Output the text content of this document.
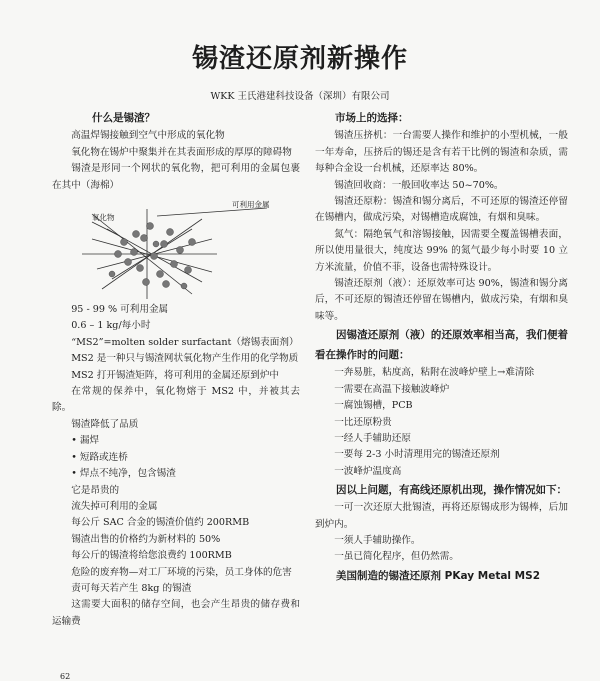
锡渣还原剂新操作
WKK 王氏港建科技设备（深圳）有限公司

什么是锡渣？

高温焊锡接触到空气中形成的氧化物

氧化物在锡炉中聚集并在其表面形成的厚厚的障碍物

锡渣是形同一个网状的氧化物，把可利用的金属包裹在其中（海棉）

氧化物
可利用金属

95 - 99 % 可利用金属

0.6 – 1 kg/每小时

“MS2”=molten solder surfactant（熔锡表面剂）

MS2 是一种只与锡渣网状氧化物产生作用的化学物质

MS2 打开锡渣矩阵，将可利用的金属还原到炉中

在常规的保养中，氧化物熔于 MS2 中，并被其去除。

锡渣降低了品质

• 漏焊

• 短路或连桥

• 焊点不纯净，包含锡渣

它是昂贵的

流失掉可利用的金属

每公斤 SAC 合金的锡渣价值约 200RMB

锡渣出售的价格约为新材料的 50%

每公斤的锡渣将给您浪费约 100RMB

危险的废弃物—对工厂环境的污染，员工身体的危害

责可每天若产生 8kg 的锡渣

这需要大面积的储存空间，也会产生昂贵的储存费和运输费

市场上的选择：

锡渣压挤机：一台需要人操作和维护的小型机械，一般一年寿命，压挤后的锡还是含有若干比例的锡渣和杂质，需每种合金设一台机械，还原率达 80%。

锡渣回收商：一般回收率达 50~70%。

锡渣还原粉：锡渣和锡分离后，不可还原的锡渣还停留在锡槽内，做成污染，对锡槽造成腐蚀，有烟和臭味。

氮气：隔绝氧气和溶锡接触，因需要全覆盖锡槽表面，所以使用量很大，纯度达 99% 的氮气最少每小时要 10 立方米流量，价值不菲，设备也需特殊设计。

锡渣还原剂（液）：还原效率可达 90%，锡渣和锡分离后，不可还原的锡渣还停留在锡槽内，做成污染，有烟和臭味等。

因锡渣还原剂（液）的还原效率相当高，我们便着看在操作时的问题：

一奔易脏，粘度高，粘附在波峰炉壁上→难清除

一需要在高温下接触波峰炉

一腐蚀锡槽，PCB

一比还原粉贵

一经人手辅助还原

一要每 2-3 小时清理用完的锡渣还原剂

一波峰炉温度高

因以上问题，有高线还原机出现，操作情况如下：

一可一次还原大批锡渣，再将还原锡成形为锡棒，后加到炉内。

一须人手辅助操作。

一虽已简化程序，但仍然需。

美国制造的锡渣还原剂 PKay Metal MS2

62
